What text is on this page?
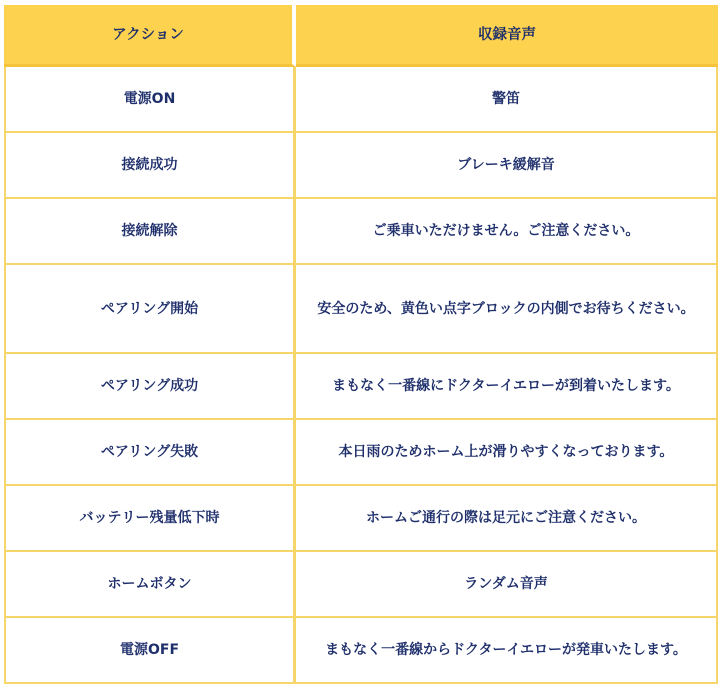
アクション	収録音声
電源ON	警笛
接続成功	ブレーキ緩解音
接続解除	ご乗車いただけません。ご注意ください。
ペアリング開始	安全のため、黄色い点字ブロックの内側でお待ちください。
ペアリング成功	まもなく一番線にドクターイエローが到着いたします。
ペアリング失敗	本日雨のためホーム上が滑りやすくなっております。
バッテリー残量低下時	ホームご通行の際は足元にご注意ください。
ホームボタン	ランダム音声
電源OFF	まもなく一番線からドクターイエローが発車いたします。
